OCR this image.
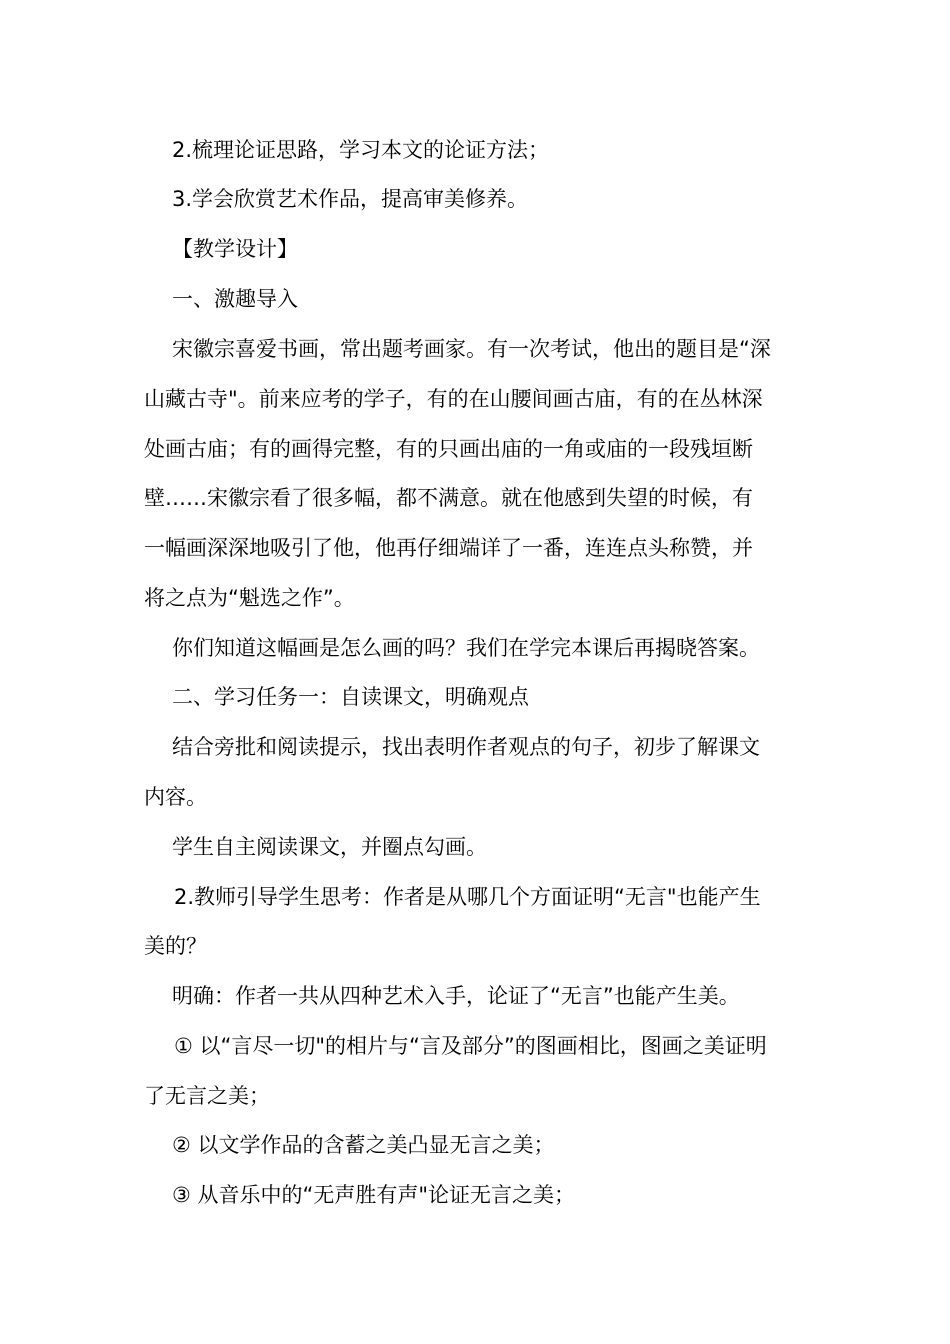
2.梳理论证思路，学习本文的论证方法；
3.学会欣赏艺术作品，提高审美修养。
【教学设计】
一、激趣导入
宋徽宗喜爱书画，常出题考画家。有一次考试，他出的题目是“深
山藏古寺"。前来应考的学子，有的在山腰间画古庙，有的在丛林深
处画古庙；有的画得完整，有的只画出庙的一角或庙的一段残垣断
壁……宋徽宗看了很多幅，都不满意。就在他感到失望的时候，有
一幅画深深地吸引了他，他再仔细端详了一番，连连点头称赞，并
将之点为“魁选之作”。
你们知道这幅画是怎么画的吗？我们在学完本课后再揭晓答案。
二、学习任务一：自读课文，明确观点
结合旁批和阅读提示，找出表明作者观点的句子，初步了解课文
内容。
学生自主阅读课文，并圈点勾画。
2.教师引导学生思考：作者是从哪几个方面证明“无言"也能产生
美的？
明确：作者一共从四种艺术入手，论证了“无言”也能产生美。
① 以“言尽一切"的相片与“言及部分”的图画相比，图画之美证明
了无言之美；
② 以文学作品的含蓄之美凸显无言之美；
③ 从音乐中的“无声胜有声"论证无言之美；
